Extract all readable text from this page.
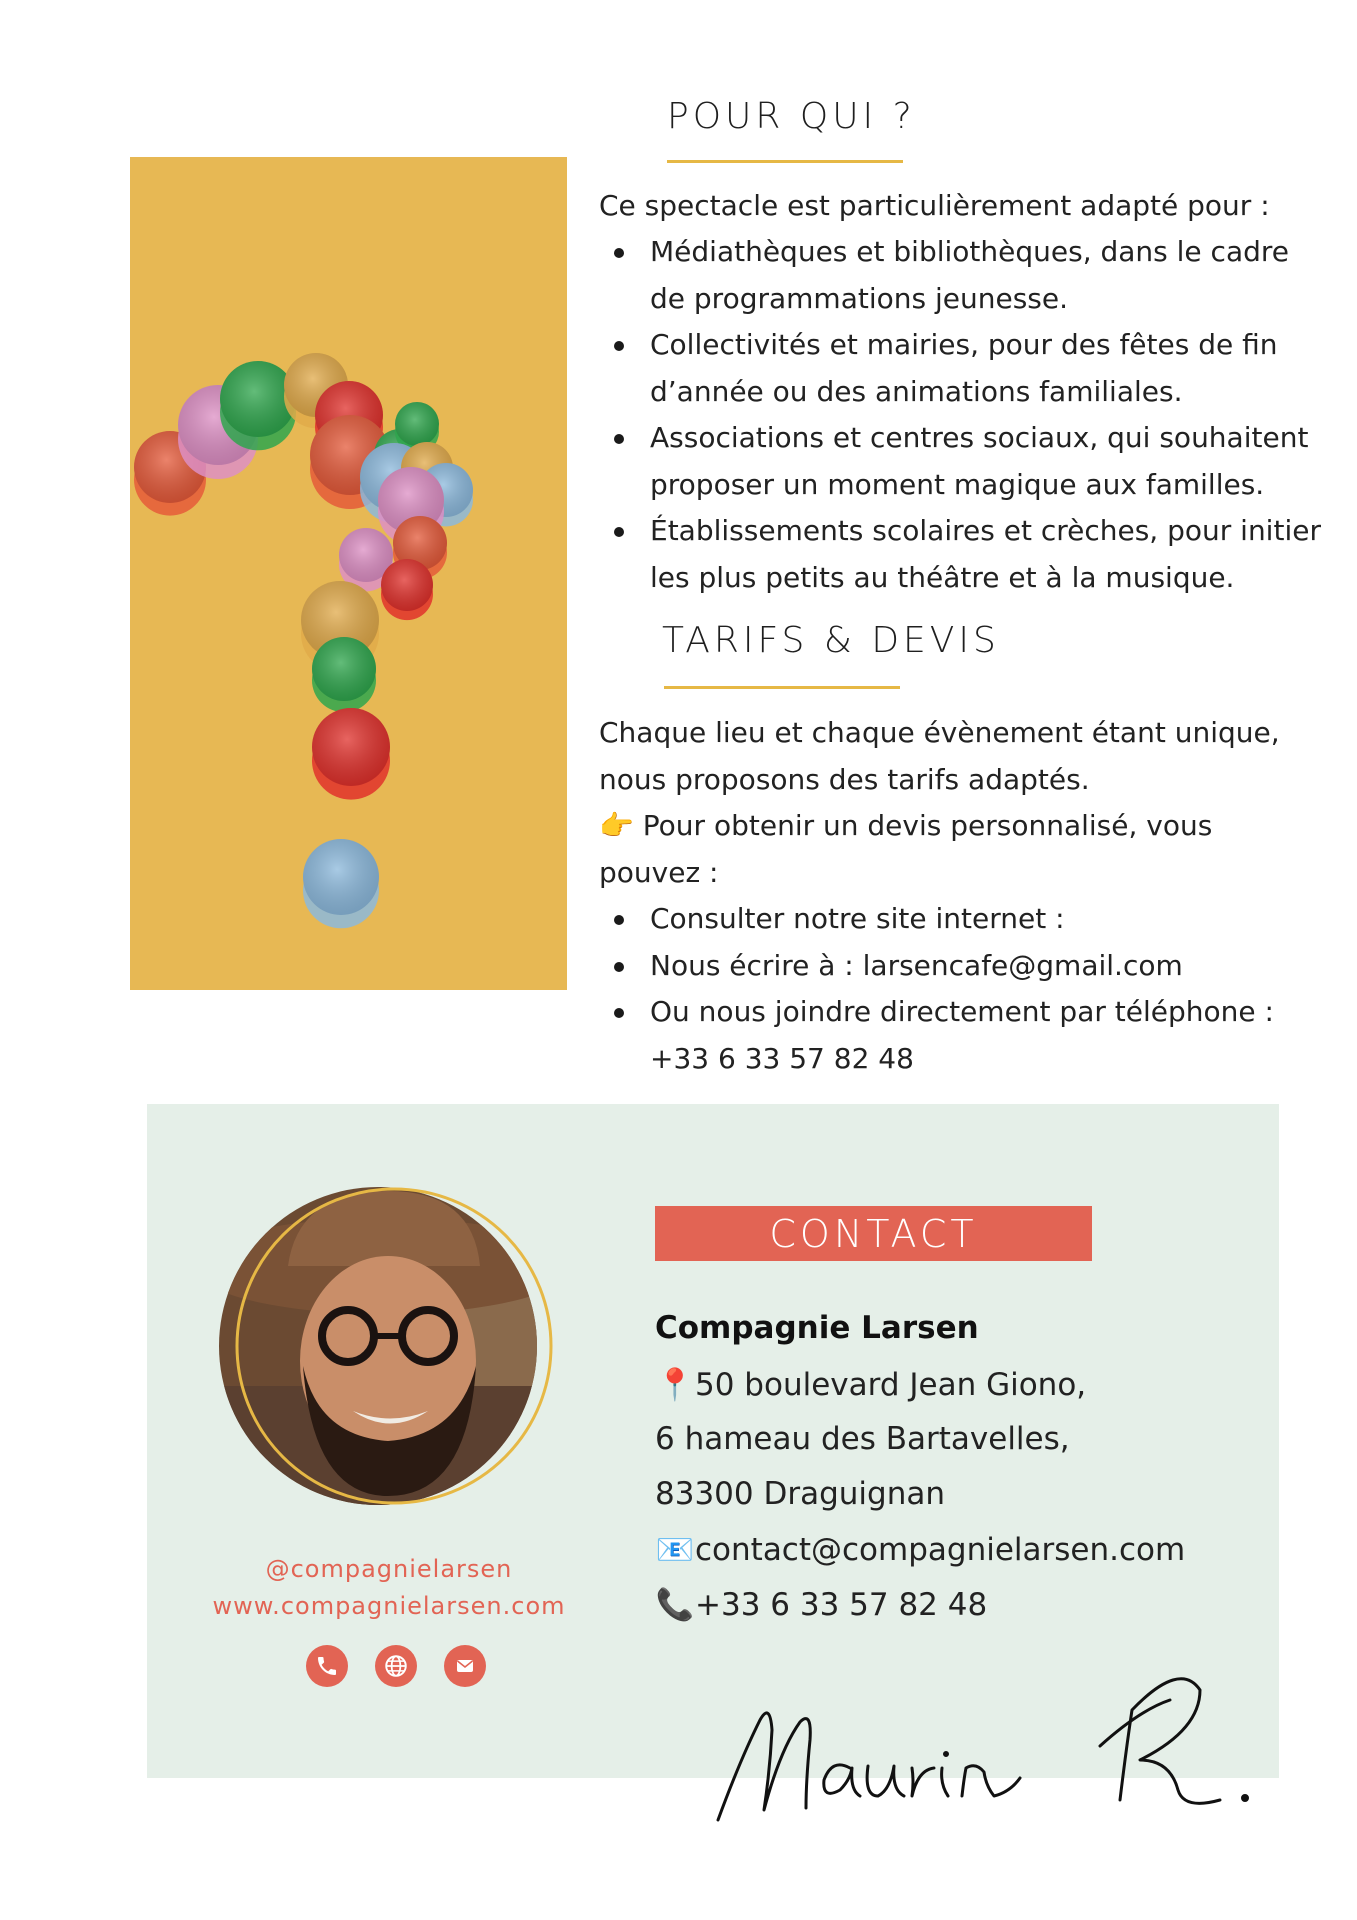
POUR QUI ?
Ce spectacle est particulièrement adapté pour :
Médiathèques et bibliothèques, dans le cadre
de programmations jeunesse.
Collectivités et mairies, pour des fêtes de fin
d’année ou des animations familiales.
Associations et centres sociaux, qui souhaitent
proposer un moment magique aux familles.
Établissements scolaires et crèches, pour initier
les plus petits au théâtre et à la musique.
TARIFS & DEVIS
Chaque lieu et chaque évènement étant unique,
nous proposons des tarifs adaptés.
👉 Pour obtenir un devis personnalisé, vous
pouvez :
Consulter notre site internet :
Nous écrire à : larsencafe@gmail.com
Ou nous joindre directement par téléphone :
+33 6 33 57 82 48
@compagnielarsen
www.compagnielarsen.com
CONTACT
Compagnie Larsen
📍50 boulevard Jean Giono,
6 hameau des Bartavelles,
83300 Draguignan
📧contact@compagnielarsen.com
📞+33 6 33 57 82 48
